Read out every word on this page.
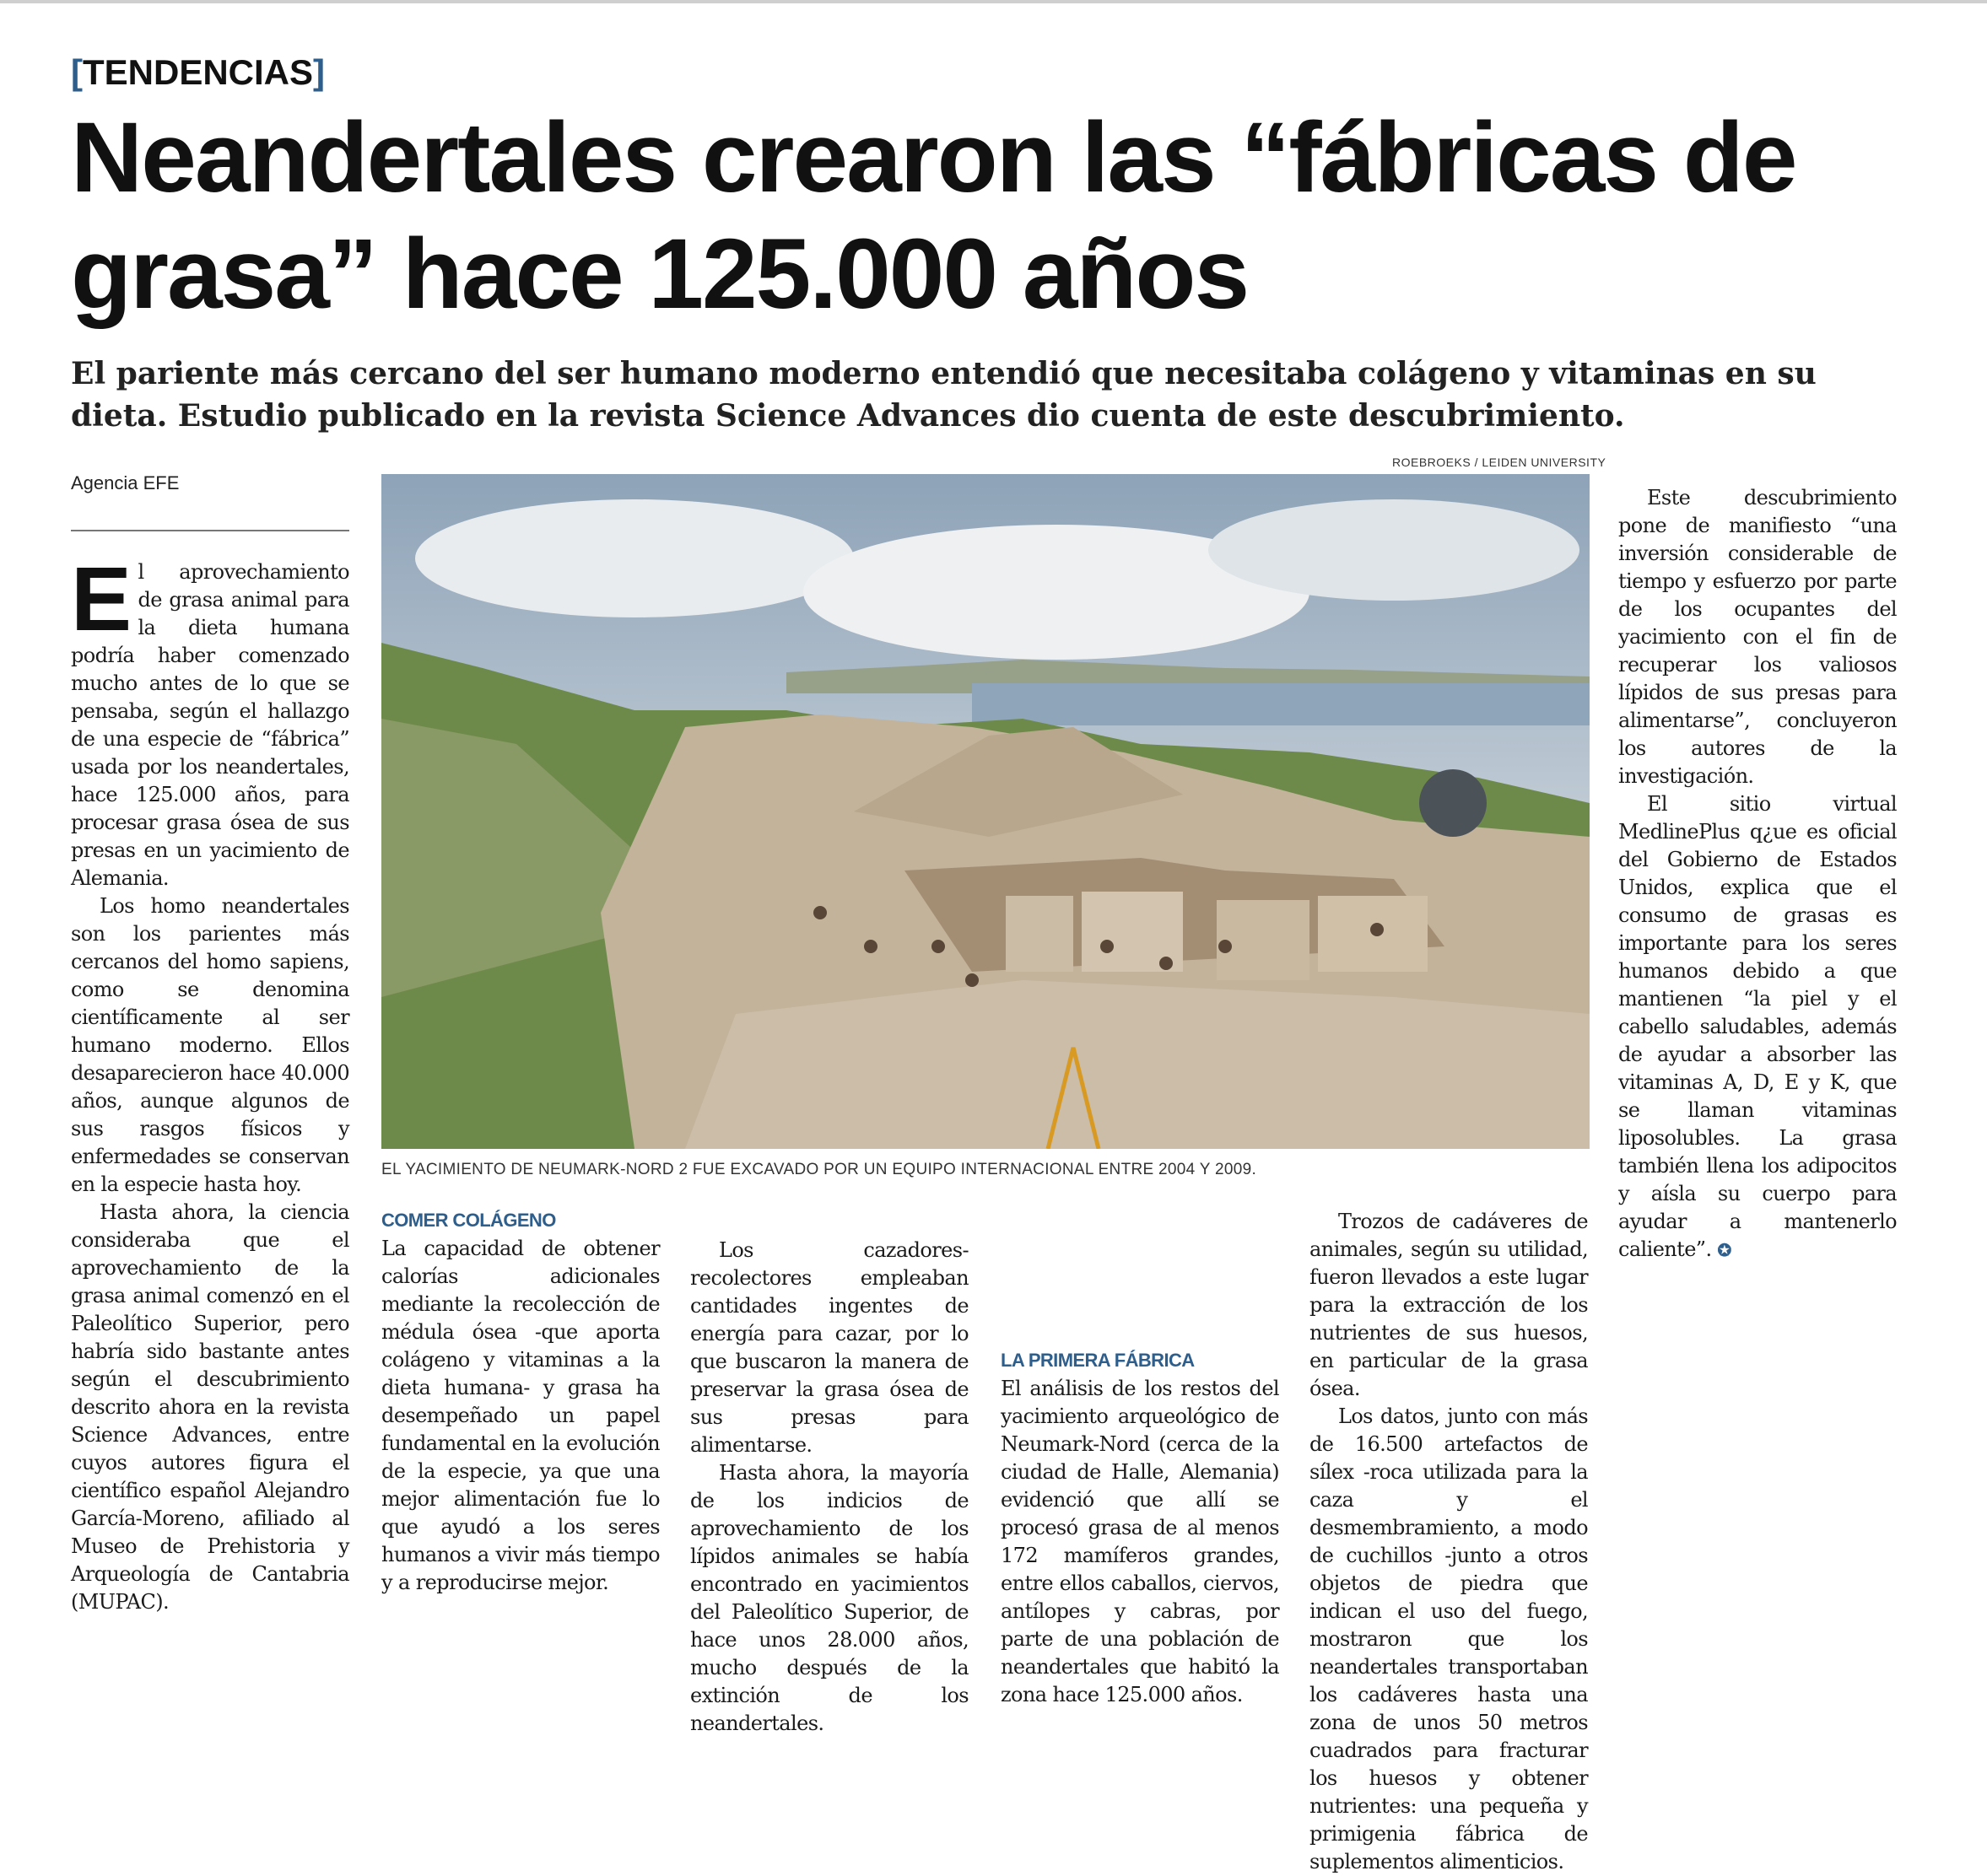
[TENDENCIAS]
Neandertales crearon las “fábricas de grasa” hace 125.000 años

El pariente más cercano del ser humano moderno entendió que necesitaba colágeno y vitaminas en su dieta. Estudio publicado en la revista Science Advances dio cuenta de este descubrimiento.

Agencia EFE
ROEBROEKS / LEIDEN UNIVERSITY
EL YACIMIENTO DE NEUMARK-NORD 2 FUE EXCAVADO POR UN EQUIPO INTERNACIONAL ENTRE 2004 Y 2009.

El aprovechamiento de grasa animal para la dieta humana podría haber comenzado mucho antes de lo que se pensaba, según el hallazgo de una especie de “fábrica” usada por los neandertales, hace 125.000 años, para procesar grasa ósea de sus presas en un yacimiento de Alemania.

Los homo neandertales son los parientes más cercanos del homo sapiens, como se denomina científicamente al ser humano moderno. Ellos desaparecieron hace 40.000 años, aunque algunos de sus rasgos físicos y enfermedades se conservan en la especie hasta hoy.

Hasta ahora, la ciencia consideraba que el aprovechamiento de la grasa animal comenzó en el Paleolítico Superior, pero habría sido bastante antes según el descubrimiento descrito ahora en la revista Science Advances, entre cuyos autores figura el científico español Alejandro García-Moreno, afiliado al Museo de Prehistoria y Arqueología de Cantabria (MUPAC).

COMER COLÁGENO

La capacidad de obtener calorías adicionales mediante la recolección de médula ósea -que aporta colágeno y vitaminas a la dieta humana- y grasa ha desempeñado un papel fundamental en la evolución de la especie, ya que una mejor alimentación fue lo que ayudó a los seres humanos a vivir más tiempo y a reproducirse mejor.

Los cazadores-recolectores empleaban cantidades ingentes de energía para cazar, por lo que buscaron la manera de preservar la grasa ósea de sus presas para alimentarse.

Hasta ahora, la mayoría de los indicios de aprovechamiento de los lípidos animales se había encontrado en yacimientos del Paleolítico Superior, de hace unos 28.000 años, mucho después de la extinción de los neandertales.

LA PRIMERA FÁBRICA

El análisis de los restos del yacimiento arqueológico de Neumark-Nord (cerca de la ciudad de Halle, Alemania) evidenció que allí se procesó grasa de al menos 172 mamíferos grandes, entre ellos caballos, ciervos, antílopes y cabras, por parte de una población de neandertales que habitó la zona hace 125.000 años.

Trozos de cadáveres de animales, según su utilidad, fueron llevados a este lugar para la extracción de los nutrientes de sus huesos, en particular de la grasa ósea.

Los datos, junto con más de 16.500 artefactos de sílex -roca utilizada para la caza y el desmembramiento, a modo de cuchillos -junto a otros objetos de piedra que indican el uso del fuego, mostraron que los neandertales transportaban los cadáveres hasta una zona de unos 50 metros cuadrados para fracturar los huesos y obtener nutrientes: una pequeña y primigenia fábrica de suplementos alimenticios.

Este descubrimiento pone de manifiesto “una inversión considerable de tiempo y esfuerzo por parte de los ocupantes del yacimiento con el fin de recuperar los valiosos lípidos de sus presas para alimentarse”, concluyeron los autores de la investigación.

El sitio virtual MedlinePlus q¿ue es oficial del Gobierno de Estados Unidos, explica que el consumo de grasas es importante para los seres humanos debido a que mantienen “la piel y el cabello saludables, además de ayudar a absorber las vitaminas A, D, E y K, que se llaman vitaminas liposolubles. La grasa también llena los adipocitos y aísla su cuerpo para ayudar a mantenerlo caliente”. ✪
